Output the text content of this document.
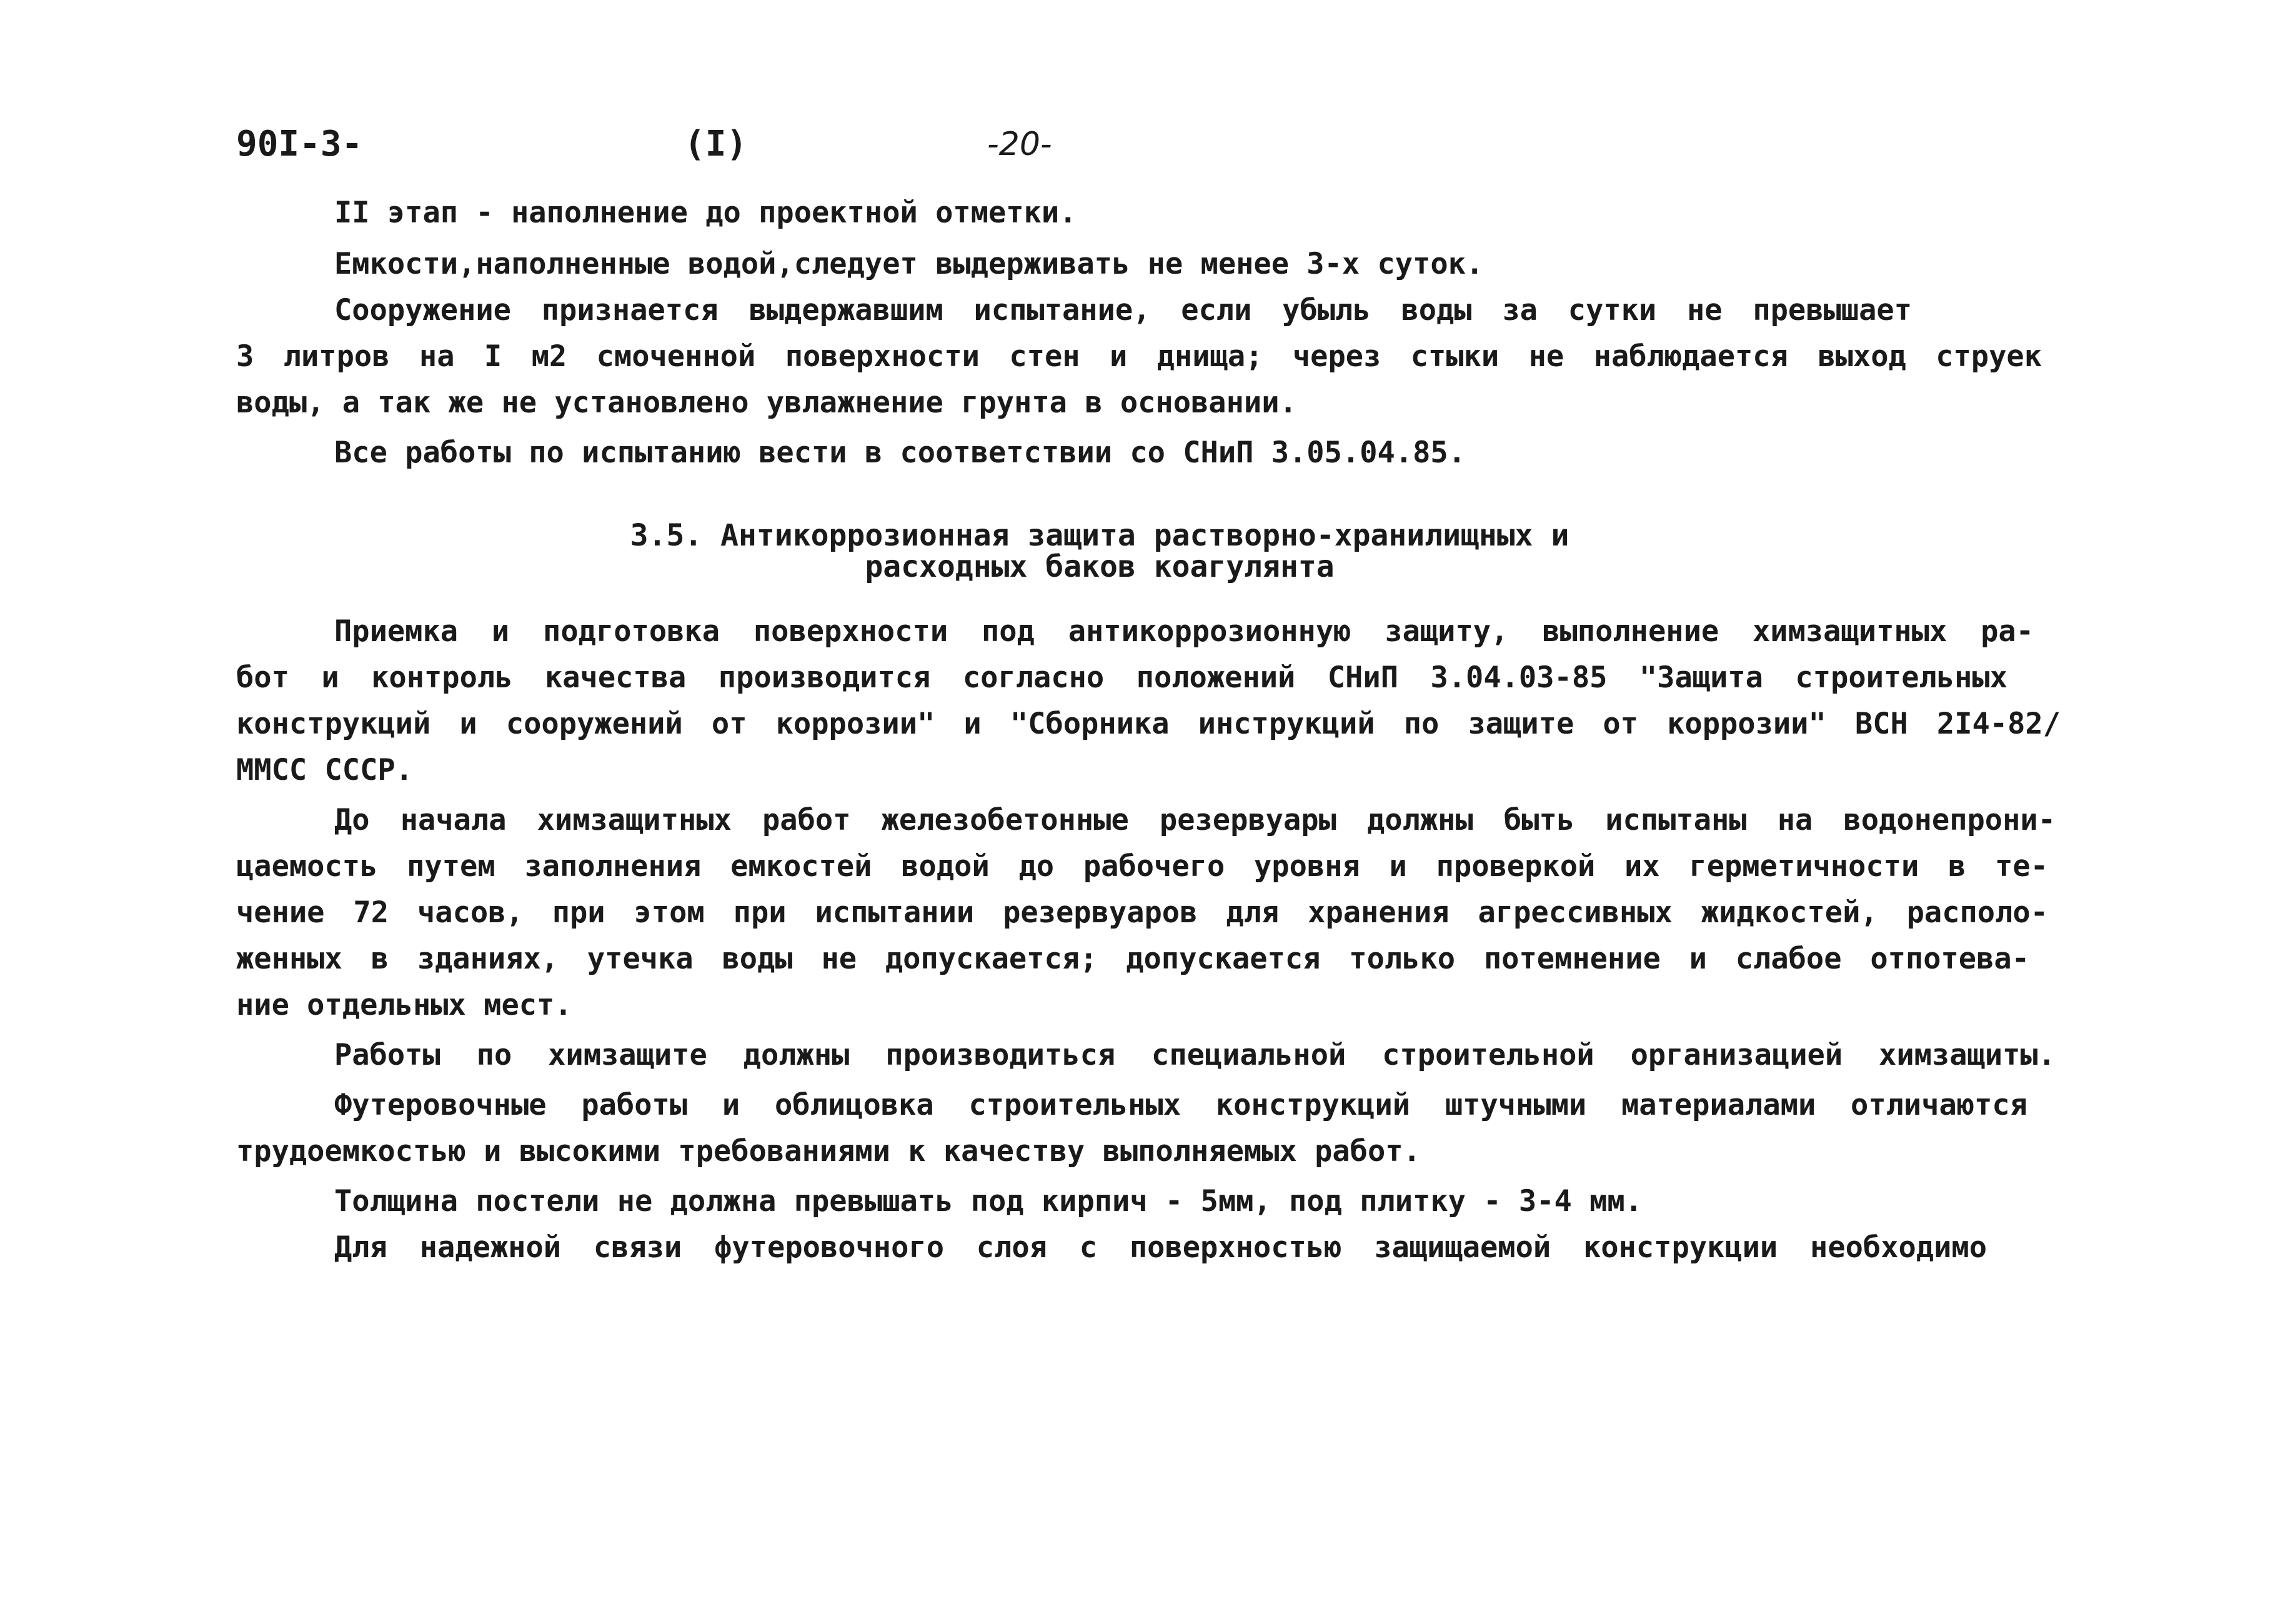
90I-3-	(I)	-20-
II этап - наполнение до проектной отметки.
Емкости,наполненные водой,следует выдерживать не менее 3-х суток.
Сооружение признается выдержавшим испытание, если убыль воды за сутки не превышает
3 литров на I м2 смоченной поверхности стен и днища; через стыки не наблюдается выход струек
воды, а так же не установлено увлажнение грунта в основании.
Все работы по испытанию вести в соответствии со СНиП 3.05.04.85.
3.5. Антикоррозионная защита растворно-хранилищных и
расходных баков коагулянта
Приемка и подготовка поверхности под антикоррозионную защиту, выполнение химзащитных ра-
бот и контроль качества производится согласно положений СНиП 3.04.03-85 "Защита строительных
конструкций и сооружений от коррозии" и "Сборника инструкций по защите от коррозии" ВСН 2I4-82/
ММСС СССР.
До начала химзащитных работ железобетонные резервуары должны быть испытаны на водонепрони-
цаемость путем заполнения емкостей водой до рабочего уровня и проверкой их герметичности в те-
чение 72 часов, при этом при испытании резервуаров для хранения агрессивных жидкостей, располо-
женных в зданиях, утечка воды не допускается; допускается только потемнение и слабое отпотева-
ние отдельных мест.
Работы по химзащите должны производиться специальной строительной организацией химзащиты.
Футеровочные работы и облицовка строительных конструкций штучными материалами отличаются
трудоемкостью и высокими требованиями к качеству выполняемых работ.
Толщина постели не должна превышать под кирпич - 5мм, под плитку - 3-4 мм.
Для надежной связи футеровочного слоя с поверхностью защищаемой конструкции необходимо
